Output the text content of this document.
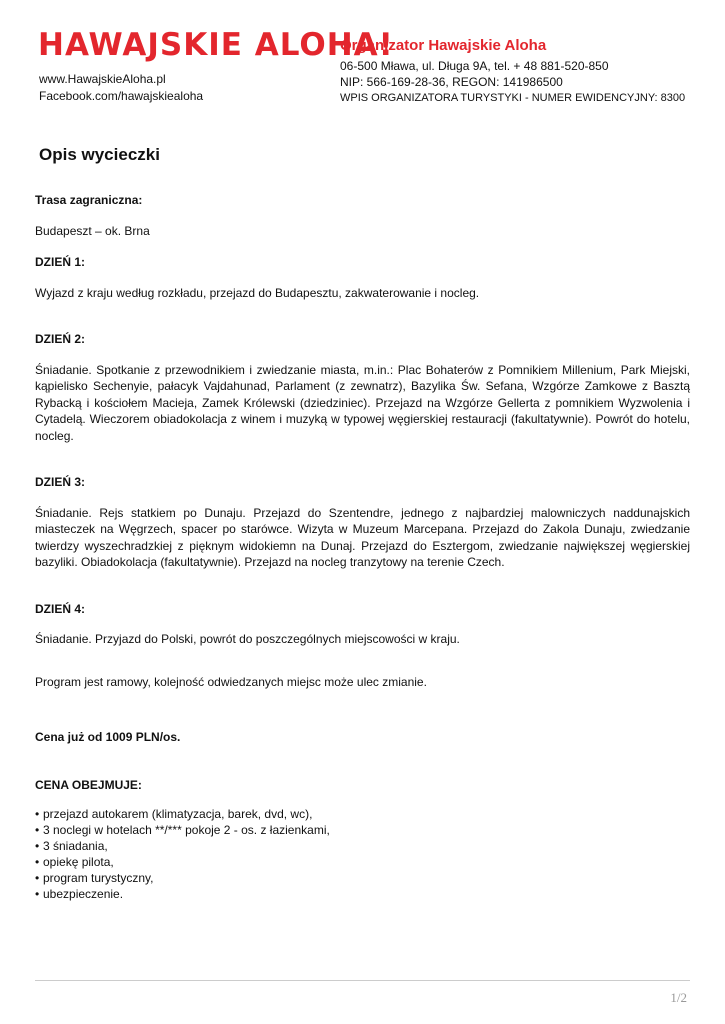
HAWAJSKIE ALOHA!
www.HawajskieAloha.pl
Facebook.com/hawajskiealoha
Organizator Hawajskie Aloha
06-500 Mława, ul. Długa 9A, tel. + 48 881-520-850
NIP: 566-169-28-36, REGON: 141986500
WPIS ORGANIZATORA TURYSTYKI - NUMER EWIDENCYJNY: 8300
Opis wycieczki

Trasa zagraniczna:

Budapeszt – ok. Brna

DZIEŃ 1:

Wyjazd z kraju według rozkładu, przejazd do Budapesztu, zakwaterowanie i nocleg.

DZIEŃ 2:

Śniadanie. Spotkanie z przewodnikiem i zwiedzanie miasta, m.in.: Plac Bohaterów z Pomnikiem Millenium, Park Miejski, kąpielisko Sechenyie, pałacyk Vajdahunad, Parlament (z zewnatrz), Bazylika Św. Sefana, Wzgórze Zamkowe z Basztą Rybacką i kościołem Macieja, Zamek Królewski (dziedziniec). Przejazd na Wzgórze Gellerta z pomnikiem Wyzwolenia i Cytadelą. Wieczorem obiadokolacja z winem i muzyką w typowej węgierskiej restauracji (fakultatywnie). Powrót do hotelu, nocleg.

DZIEŃ 3:

Śniadanie. Rejs statkiem po Dunaju. Przejazd do Szentendre, jednego z najbardziej malowniczych naddunajskich miasteczek na Węgrzech, spacer po starówce. Wizyta w Muzeum Marcepana. Przejazd do Zakola Dunaju, zwiedzanie twierdzy wyszechradzkiej z pięknym widokiemn na Dunaj. Przejazd do Esztergom, zwiedzanie największej węgierskiej bazyliki. Obiadokolacja (fakultatywnie). Przejazd na nocleg tranzytowy na terenie Czech.

DZIEŃ 4:

Śniadanie. Przyjazd do Polski, powrót do poszczególnych miejscowości w kraju.

Program jest ramowy, kolejność odwiedzanych miejsc może ulec zmianie.

Cena już od 1009 PLN/os.

CENA OBEJMUJE:

• przejazd autokarem (klimatyzacja, barek, dvd, wc),
• 3 noclegi w hotelach **/*** pokoje 2 - os. z łazienkami,
• 3 śniadania,
• opiekę pilota,
• program turystyczny,
• ubezpieczenie.
1/2
